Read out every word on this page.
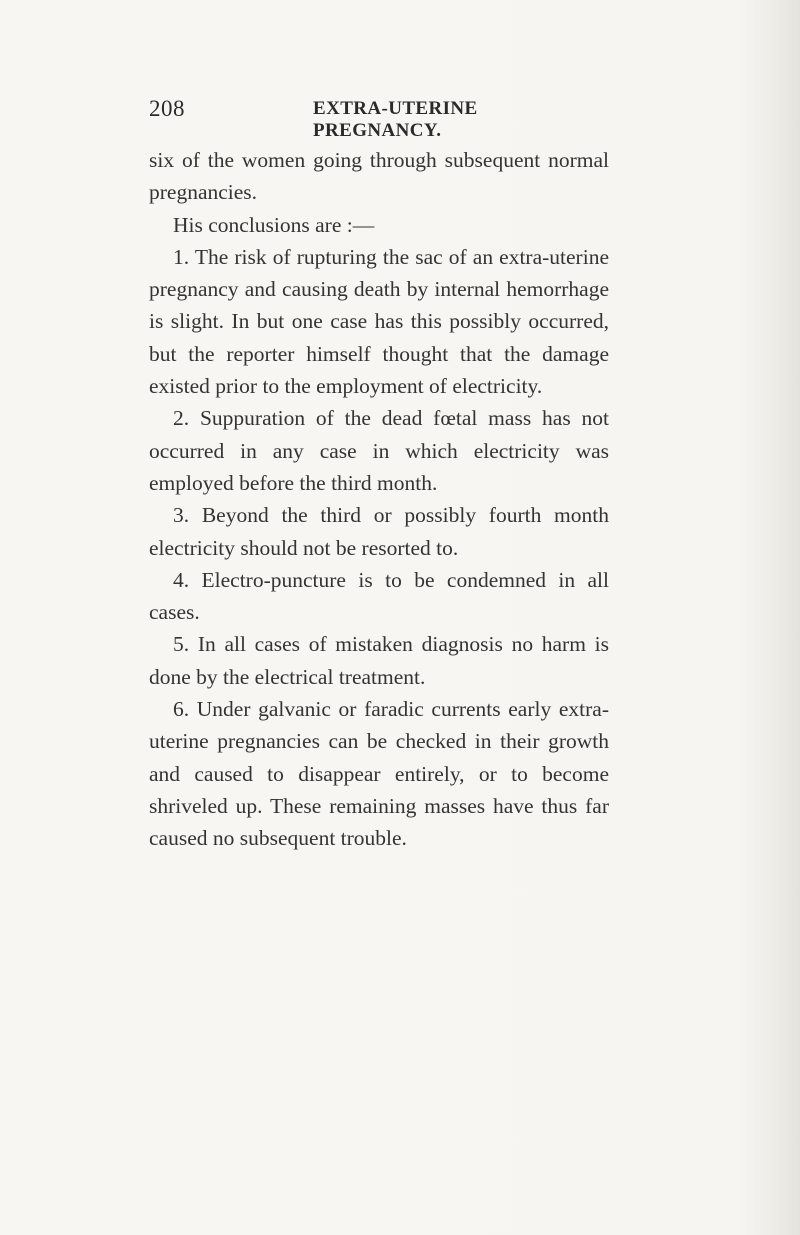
208	EXTRA-UTERINE PREGNANCY.

six of the women going through subsequent normal pregnancies.

His conclusions are :—

1. The risk of rupturing the sac of an extra-uterine pregnancy and causing death by internal hemorrhage is slight. In but one case has this possibly occurred, but the reporter himself thought that the damage existed prior to the employment of electricity.

2. Suppuration of the dead fœtal mass has not occurred in any case in which electricity was employed before the third month.

3. Beyond the third or possibly fourth month electricity should not be resorted to.

4. Electro-puncture is to be condemned in all cases.

5. In all cases of mistaken diagnosis no harm is done by the electrical treatment.

6. Under galvanic or faradic currents early extra-uterine pregnancies can be checked in their growth and caused to disappear entirely, or to become shriveled up. These remaining masses have thus far caused no subsequent trouble.
